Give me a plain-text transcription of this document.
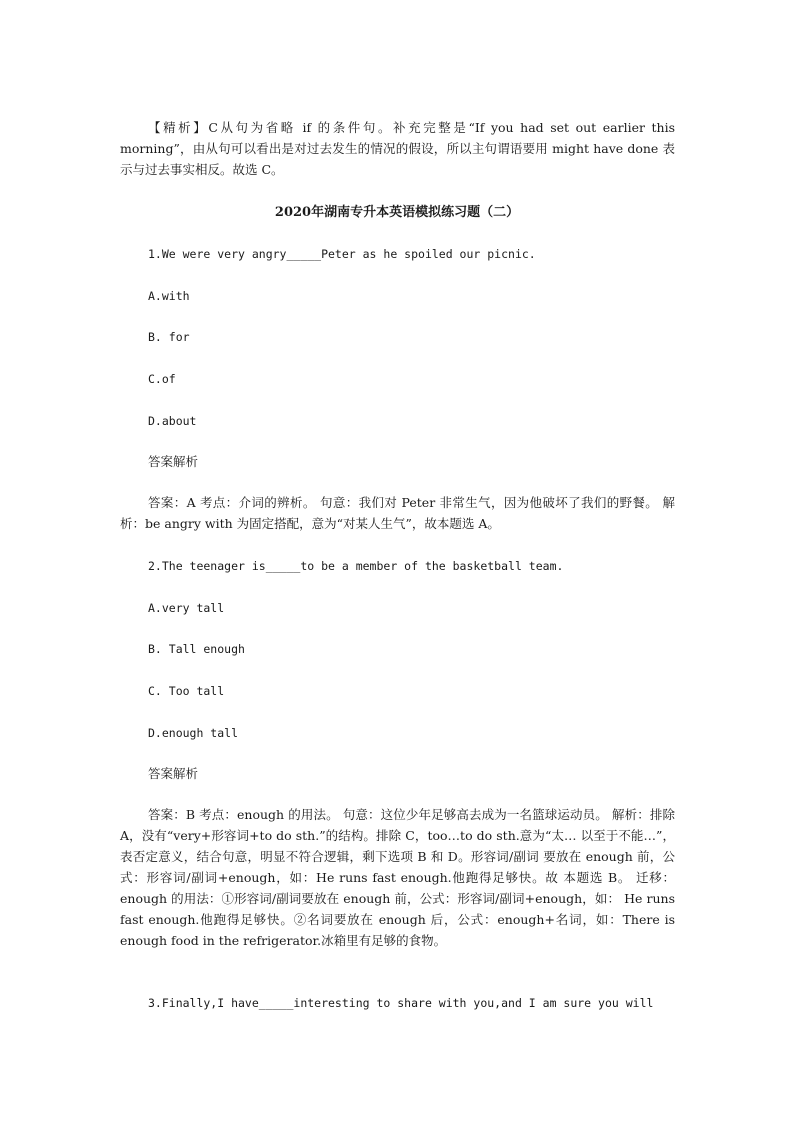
【精析】C从句为省略 if 的条件句。补充完整是“If you had set out earlier this morning”，由从句可以看出是对过去发生的情况的假设，所以主句谓语要用 might have done 表示与过去事实相反。故选 C。

2020年湖南专升本英语模拟练习题（二）

1.We were very angry_____Peter as he spoiled our picnic.

A.with

B. for

C.of

D.about

答案解析

答案：A 考点：介词的辨析。 句意：我们对 Peter 非常生气，因为他破坏了我们的野餐。 解析：be angry with 为固定搭配，意为“对某人生气”，故本题选 A。

2.The teenager is_____to be a member of the basketball team.

A.very tall

B. Tall enough

C. Too tall

D.enough tall

答案解析

答案：B 考点：enough 的用法。 句意：这位少年足够高去成为一名篮球运动员。 解析：排除 A，没有“very+形容词+to do sth.”的结构。排除 C，too…to do sth.意为“太… 以至于不能…”，表否定意义，结合句意，明显不符合逻辑，剩下选项 B 和 D。形容词/副词 要放在 enough 前，公式：形容词/副词+enough，如：He runs fast enough.他跑得足够快。故 本题选 B。 迁移：enough 的用法：①形容词/副词要放在 enough 前，公式：形容词/副词+enough，如： He runs fast enough.他跑得足够快。②名词要放在 enough 后，公式：enough+名词，如：There is enough food in the refrigerator.冰箱里有足够的食物。

3.Finally,I have_____interesting to share with you,and I am sure you will
